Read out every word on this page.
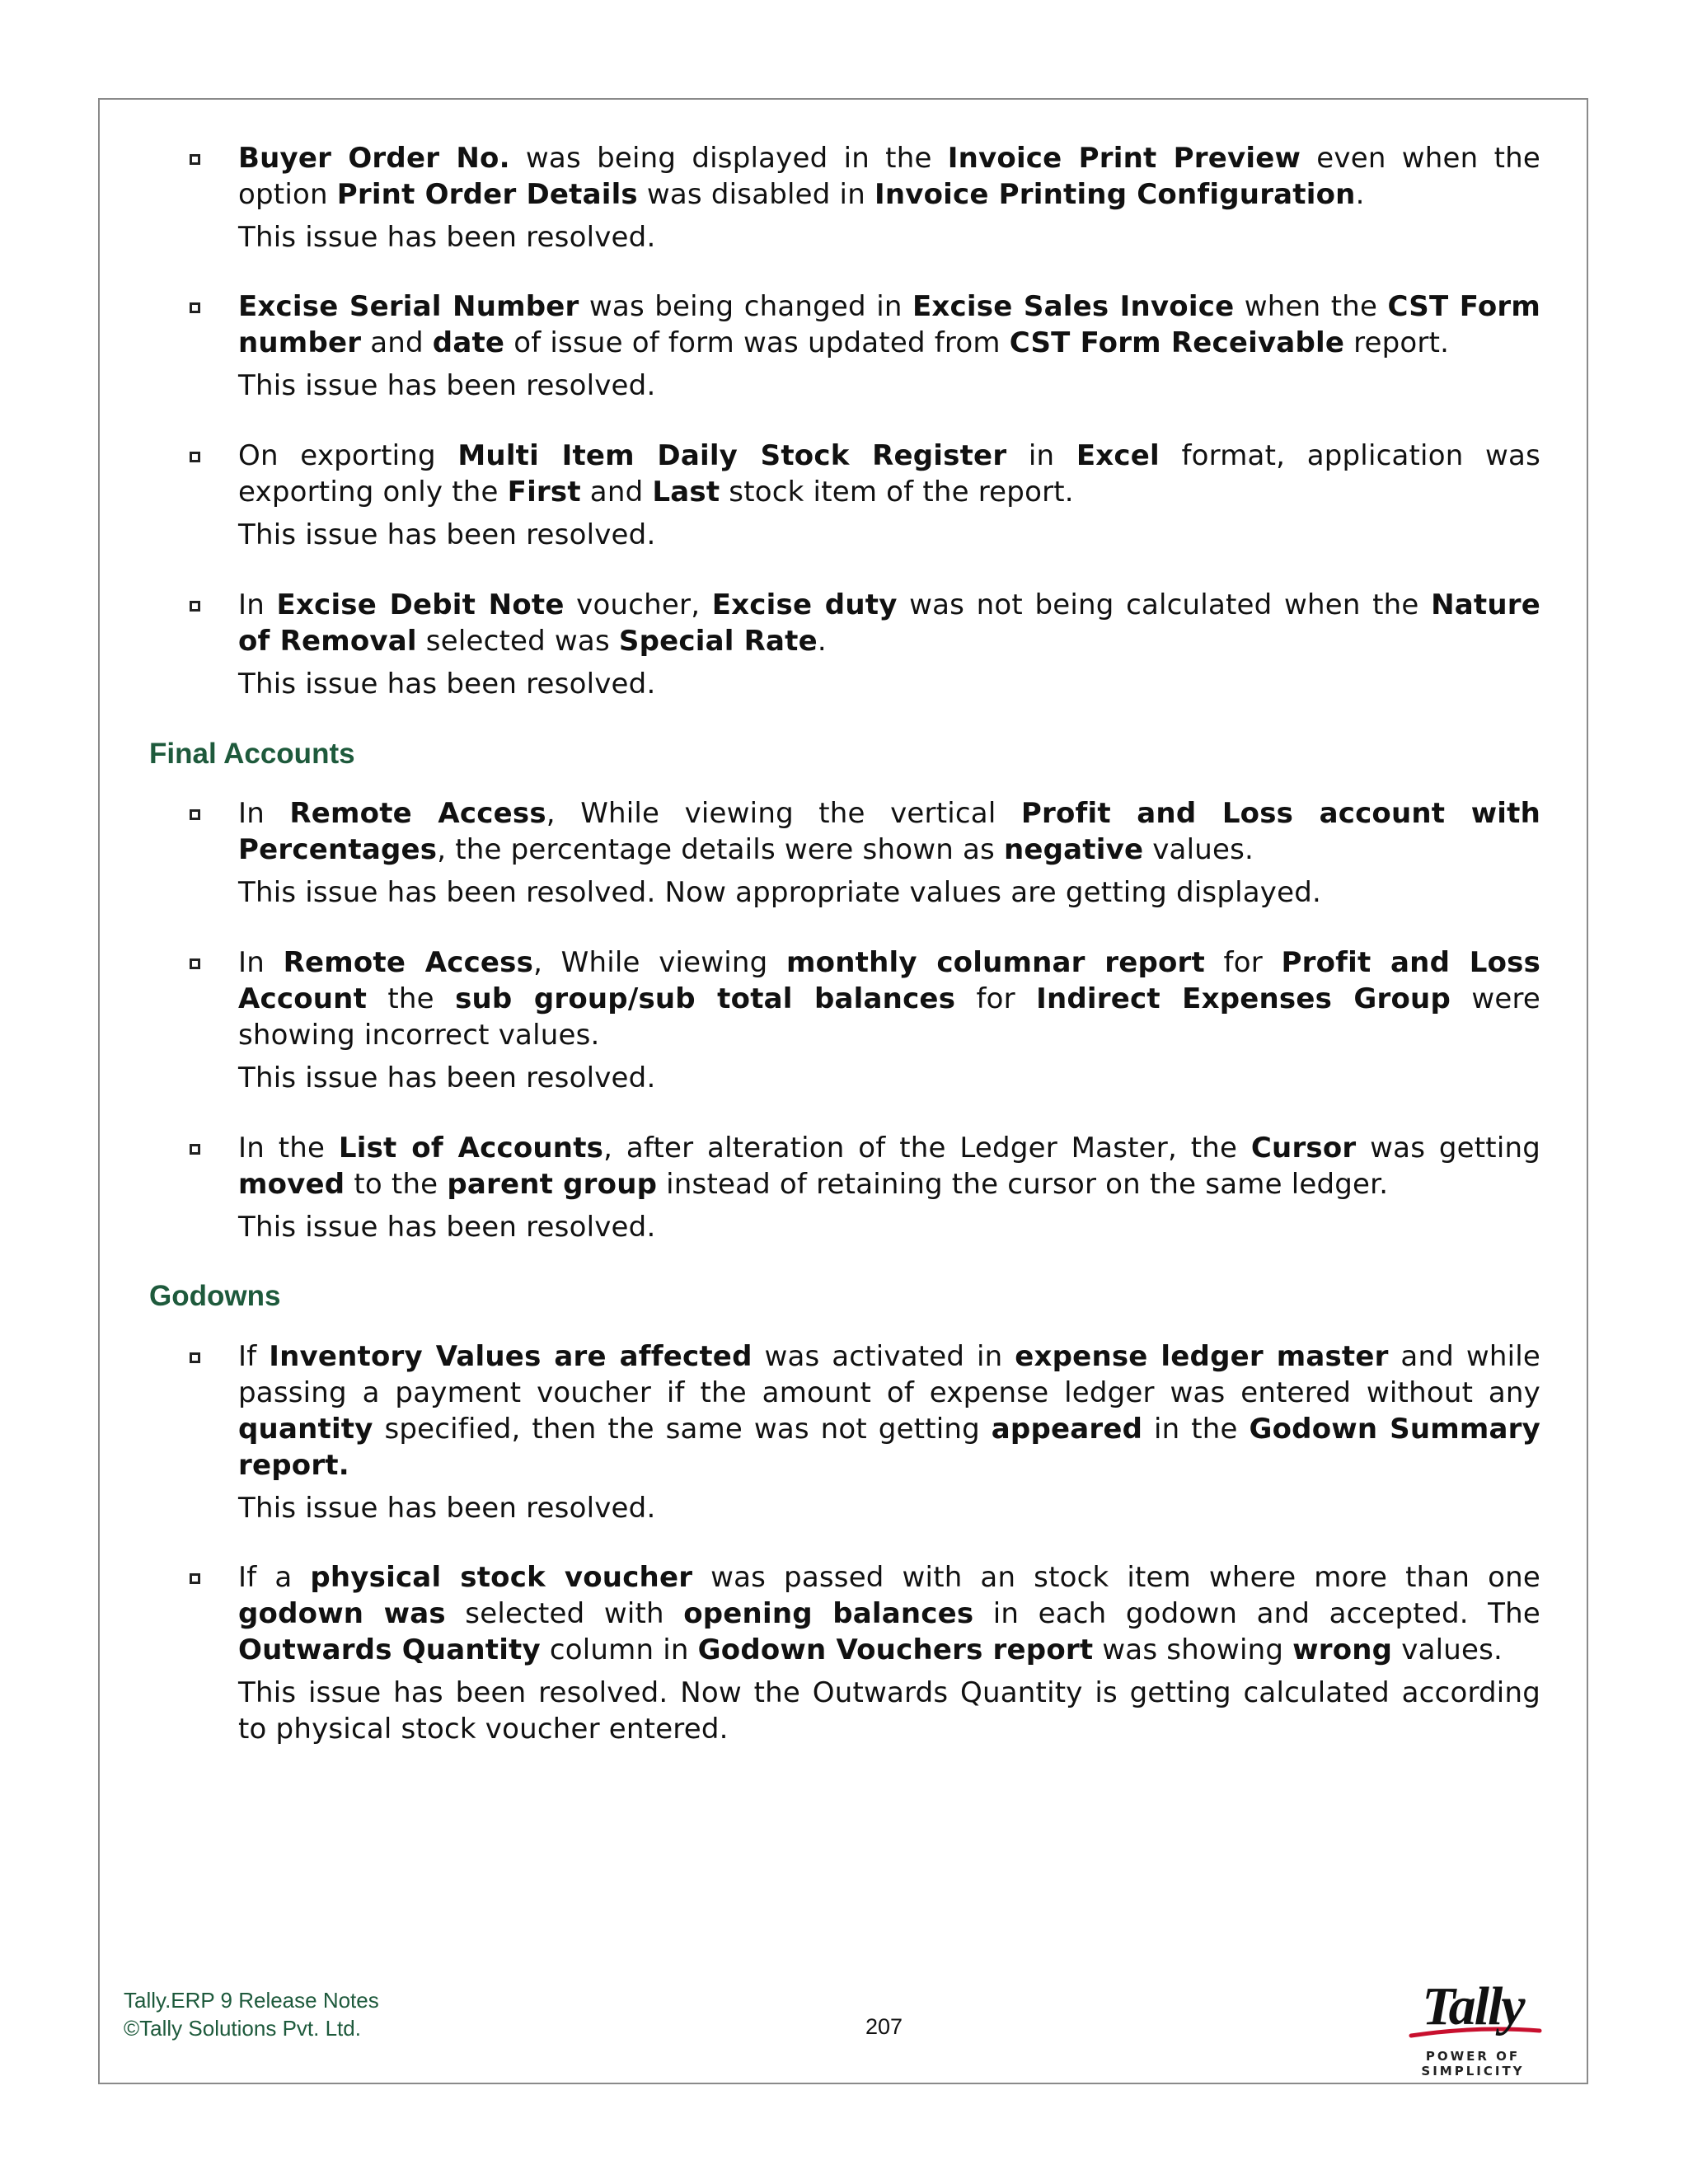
Buyer Order No. was being displayed in the Invoice Print Preview even when the option Print Order Details was disabled in Invoice Printing Configuration.
This issue has been resolved.
Excise Serial Number was being changed in Excise Sales Invoice when the CST Form number and date of issue of form was updated from CST Form Receivable report.
This issue has been resolved.
On exporting Multi Item Daily Stock Register in Excel format, application was exporting only the First and Last stock item of the report.
This issue has been resolved.
In Excise Debit Note voucher, Excise duty was not being calculated when the Nature of Removal selected was Special Rate.
This issue has been resolved.
Final Accounts
In Remote Access, While viewing the vertical Profit and Loss account with Percentages, the percentage details were shown as negative values.
This issue has been resolved. Now appropriate values are getting displayed.
In Remote Access, While viewing monthly columnar report for Profit and Loss Account the sub group/sub total balances for Indirect Expenses Group were showing incorrect values.
This issue has been resolved.
In the List of Accounts, after alteration of the Ledger Master, the Cursor was getting moved to the parent group instead of retaining the cursor on the same ledger.
This issue has been resolved.
Godowns
If Inventory Values are affected was activated in expense ledger master and while passing a payment voucher if the amount of expense ledger was entered without any quantity specified, then the same was not getting appeared in the Godown Summary report.
This issue has been resolved.
If a physical stock voucher was passed with an stock item where more than one godown was selected with opening balances in each godown and accepted. The Outwards Quantity column in Godown Vouchers report was showing wrong values.
This issue has been resolved. Now the Outwards Quantity is getting calculated according to physical stock voucher entered.
Tally.ERP 9 Release Notes
©Tally Solutions Pvt. Ltd.	207	Tally
POWER OF SIMPLICITY
